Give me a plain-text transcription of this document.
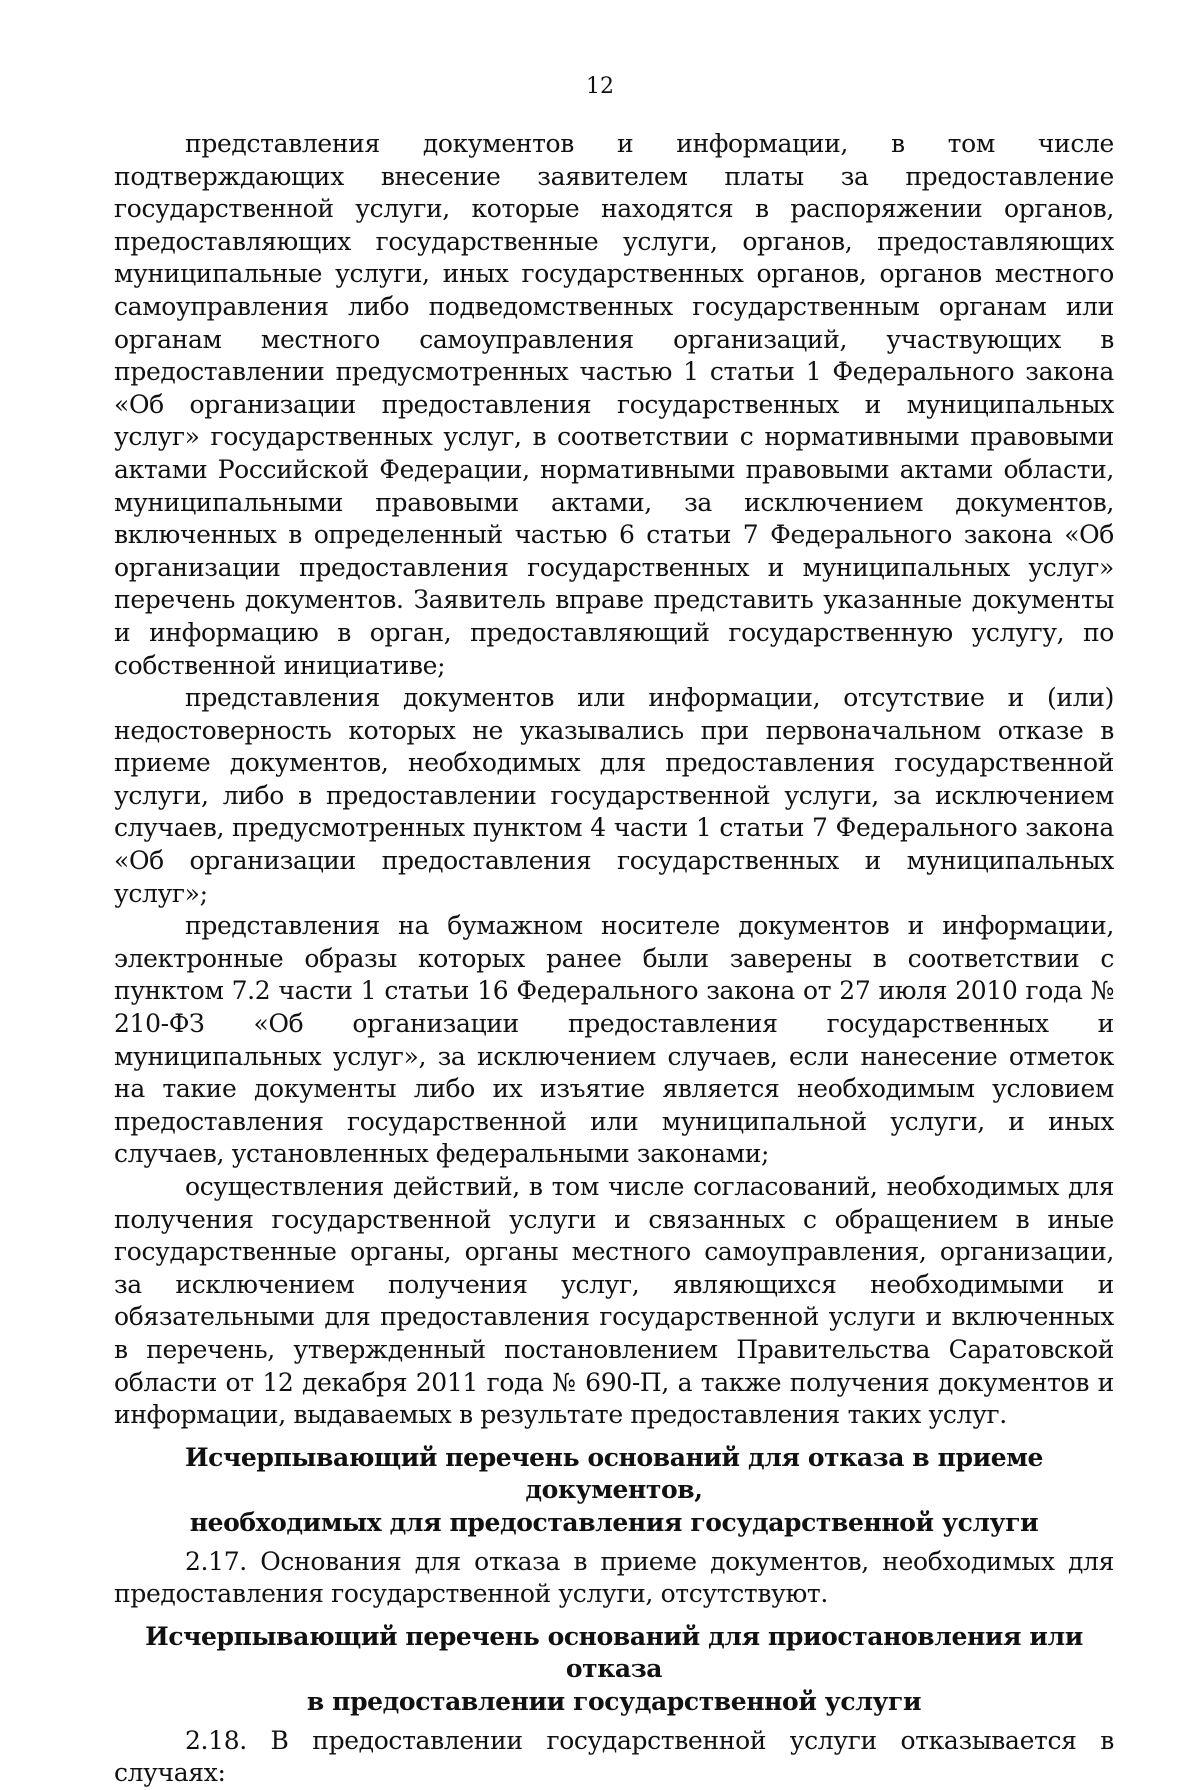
12

представления документов и информации, в том числе подтверждающих внесение заявителем платы за предоставление государственной услуги, которые находятся в распоряжении органов, предоставляющих государственные услуги, органов, предоставляющих муниципальные услуги, иных государственных органов, органов местного самоуправления либо подведомственных государственным органам или органам местного самоуправления организаций, участвующих в предоставлении предусмотренных частью 1 статьи 1 Федерального закона «Об организации предоставления государственных и муниципальных услуг» государственных услуг, в соответствии с нормативными правовыми актами Российской Федерации, нормативными правовыми актами области, муниципальными правовыми актами, за исключением документов, включенных в определенный частью 6 статьи 7 Федерального закона «Об организации предоставления государственных и муниципальных услуг» перечень документов. Заявитель вправе представить указанные документы и информацию в орган, предоставляющий государственную услугу, по собственной инициативе;

представления документов или информации, отсутствие и (или) недостоверность которых не указывались при первоначальном отказе в приеме документов, необходимых для предоставления государственной услуги, либо в предоставлении государственной услуги, за исключением случаев, предусмотренных пунктом 4 части 1 статьи 7 Федерального закона «Об организации предоставления государственных и муниципальных услуг»;

представления на бумажном носителе документов и информации, электронные образы которых ранее были заверены в соответствии с пунктом 7.2 части 1 статьи 16 Федерального закона от 27 июля 2010 года № 210-ФЗ «Об организации предоставления государственных и муниципальных услуг», за исключением случаев, если нанесение отметок на такие документы либо их изъятие является необходимым условием предоставления государственной или муниципальной услуги, и иных случаев, установленных федеральными законами;

осуществления действий, в том числе согласований, необходимых для получения государственной услуги и связанных с обращением в иные государственные органы, органы местного самоуправления, организации, за исключением получения услуг, являющихся необходимыми и обязательными для предоставления государственной услуги и включенных в перечень, утвержденный постановлением Правительства Саратовской области от 12 декабря 2011 года № 690-П, а также получения документов и информации, выдаваемых в результате предоставления таких услуг.

Исчерпывающий перечень оснований для отказа в приеме документов,
необходимых для предоставления государственной услуги

2.17. Основания для отказа в приеме документов, необходимых для предоставления государственной услуги, отсутствуют.

Исчерпывающий перечень оснований для приостановления или отказа
в предоставлении государственной услуги

2.18. В предоставлении государственной услуги отказывается в случаях:
